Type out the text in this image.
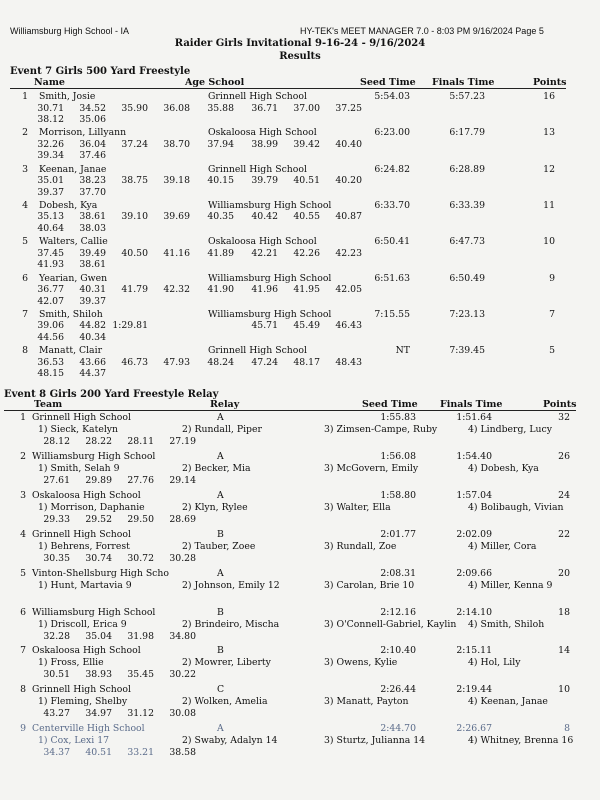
Williamsburg High School - IA	HY-TEK's MEET MANAGER 7.0 - 8:03 PM 9/16/2024 Page 5
Raider Girls Invitational 9-16-24 - 9/16/2024
Results
Event 7 Girls 500 Yard Freestyle
Name	Age School	Seed Time Finals Time	Points
1 Smith, Josie	Grinnell High School	5:54.03	5:57.23	16
30.71	34.52	35.90	36.08	35.88	36.71	37.00	37.25
38.12	35.06
2 Morrison, Lillyann	Oskaloosa High School	6:23.00	6:17.79	13
32.26	36.04	37.24	38.70	37.94	38.99	39.42	40.40
39.34	37.46
3 Keenan, Janae	Grinnell High School	6:24.82	6:28.89	12
35.01	38.23	38.75	39.18	40.15	39.79	40.51	40.20
39.37	37.70
4 Dobesh, Kya	Williamsburg High School	6:33.70	6:33.39	11
35.13	38.61	39.10	39.69	40.35	40.42	40.55	40.87
40.64	38.03
5 Walters, Callie	Oskaloosa High School	6:50.41	6:47.73	10
37.45	39.49	40.50	41.16	41.89	42.21	42.26	42.23
41.93	38.61
6 Yearian, Gwen	Williamsburg High School	6:51.63	6:50.49	9
36.77	40.31	41.79	42.32	41.90	41.96	41.95	42.05
42.07	39.37
7 Smith, Shiloh	Williamsburg High School	7:15.55	7:23.13	7
39.06	44.82 1:29.81	45.71	45.49	46.43
44.56	40.34
8 Manatt, Clair	Grinnell High School	NT	7:39.45	5
36.53	43.66	46.73	47.93	48.24	47.24	48.17	48.43
48.15	44.37
Event 8 Girls 200 Yard Freestyle Relay
Team	Relay	Seed Time Finals Time	Points
1 Grinnell High School	A	1:55.83	1:51.64	32
1) Sieck, Katelyn	2) Rundall, Piper	3) Zimsen-Campe, Ruby	4) Lindberg, Lucy
28.12	28.22	28.11	27.19
2 Williamsburg High School	A	1:56.08	1:54.40	26
1) Smith, Selah 9	2) Becker, Mia	3) McGovern, Emily	4) Dobesh, Kya
27.61	29.89	27.76	29.14
3 Oskaloosa High School	A	1:58.80	1:57.04	24
1) Morrison, Daphanie	2) Klyn, Rylee	3) Walter, Ella	4) Bolibaugh, Vivian
29.33	29.52	29.50	28.69
4 Grinnell High School	B	2:01.77	2:02.09	22
1) Behrens, Forrest	2) Tauber, Zoee	3) Rundall, Zoe	4) Miller, Cora
30.35	30.74	30.72	30.28
5 Vinton-Shellsburg High Scho	A	2:08.31	2:09.66	20
1) Hunt, Martavia 9	2) Johnson, Emily 12	3) Carolan, Brie 10	4) Miller, Kenna 9
6 Williamsburg High School	B	2:12.16	2:14.10	18
1) Driscoll, Erica 9	2) Brindeiro, Mischa	3) O'Connell-Gabriel, Kaylin 4) Smith, Shiloh
32.28	35.04	31.98	34.80
7 Oskaloosa High School	B	2:10.40	2:15.11	14
1) Fross, Ellie	2) Mowrer, Liberty	3) Owens, Kylie	4) Hol, Lily
30.51	38.93	35.45	30.22
8 Grinnell High School	C	2:26.44	2:19.44	10
1) Fleming, Shelby	2) Wolken, Amelia	3) Manatt, Payton	4) Keenan, Janae
43.27	34.97	31.12	30.08
9 Centerville High School	A	2:44.70	2:26.67	8
1) Cox, Lexi 17	2) Swaby, Adalyn 14	3) Sturtz, Julianna 14	4) Whitney, Brenna 16
34.37	40.51	33.21	38.58
